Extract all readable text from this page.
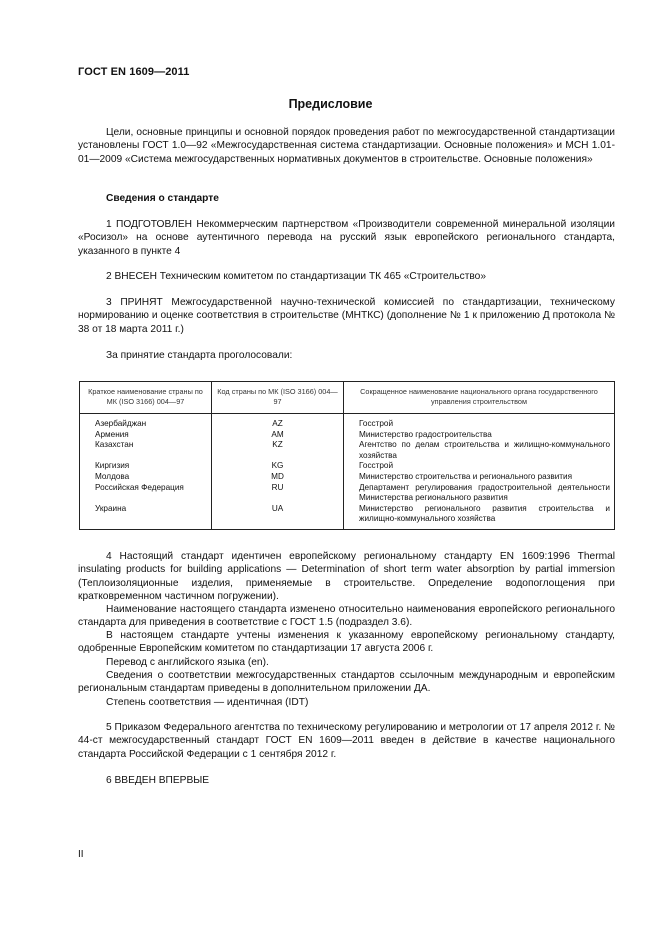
ГОСТ EN 1609—2011
Предисловие
Цели, основные принципы и основной порядок проведения работ по межгосударственной стандартизации установлены ГОСТ 1.0—92 «Межгосударственная система стандартизации. Основные положения» и МСН 1.01-01—2009 «Система межгосударственных нормативных документов в строительстве. Основные положения»
Сведения о стандарте
1 ПОДГОТОВЛЕН Некоммерческим партнерством «Производители современной минеральной изоляции «Росизол» на основе аутентичного перевода на русский язык европейского регионального стандарта, указанного в пункте 4
2 ВНЕСЕН Техническим комитетом по стандартизации ТК 465 «Строительство»
3 ПРИНЯТ Межгосударственной научно-технической комиссией по стандартизации, техническому нормированию и оценке соответствия в строительстве (МНТКС) (дополнение № 1 к приложению Д протокола № 38 от 18 марта 2011 г.)
За принятие стандарта проголосовали:
Краткое наименование страны по МК (ISO 3166) 004—97	Код страны по МК (ISO 3166) 004—97	Сокращенное наименование национального органа государственного управления строительством
Азербайджан	AZ	Госстрой
Армения	AM	Министерство градостроительства
Казахстан	KZ	Агентство по делам строительства и жилищно-коммунального хозяйства
Киргизия	KG	Госстрой
Молдова	MD	Министерство строительства и регионального развития
Российская Федерация	RU	Департамент регулирования градостроительной деятельности Министерства регионального развития
Украина	UA	Министерство регионального развития строительства и жилищно-коммунального хозяйства
4 Настоящий стандарт идентичен европейскому региональному стандарту EN 1609:1996 Thermal insulating products for building applications — Determination of short term water absorption by partial immersion (Теплоизоляционные изделия, применяемые в строительстве. Определение водопоглощения при кратковременном частичном погружении).
Наименование настоящего стандарта изменено относительно наименования европейского регионального стандарта для приведения в соответствие с ГОСТ 1.5 (подраздел 3.6).
В настоящем стандарте учтены изменения к указанному европейскому региональному стандарту, одобренные Европейским комитетом по стандартизации 17 августа 2006 г.
Перевод с английского языка (en).
Сведения о соответствии межгосударственных стандартов ссылочным международным и европейским региональным стандартам приведены в дополнительном приложении ДА.
Степень соответствия — идентичная (IDT)
5 Приказом Федерального агентства по техническому регулированию и метрологии от 17 апреля 2012 г. № 44-ст межгосударственный стандарт ГОСТ EN 1609—2011 введен в действие в качестве национального стандарта Российской Федерации с 1 сентября 2012 г.
6 ВВЕДЕН ВПЕРВЫЕ
II
